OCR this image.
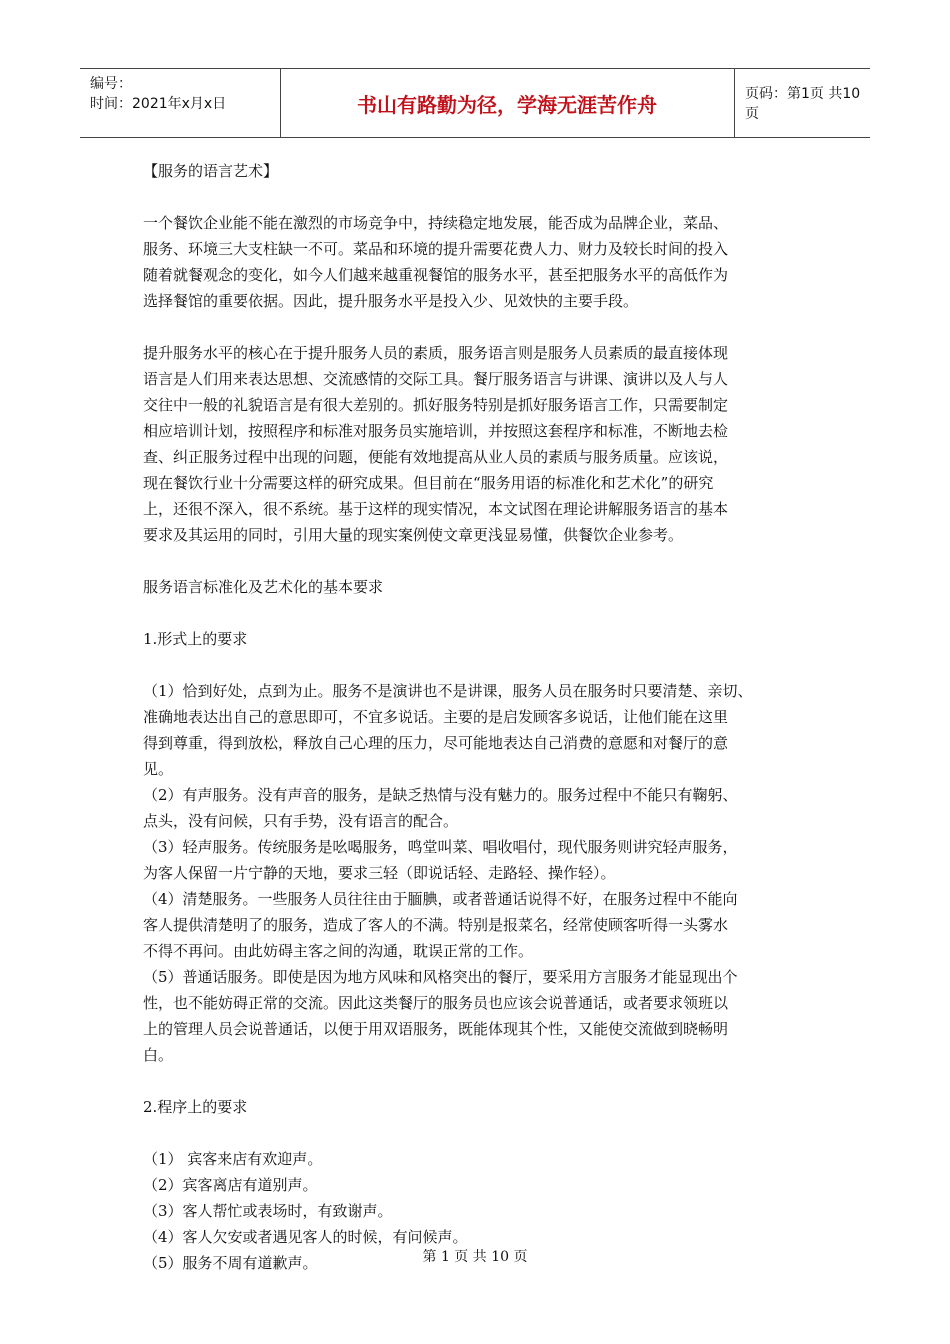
编号：
时间：2021年x月x日	书山有路勤为径，学海无涯苦作舟	页码：第1页 共10页

【服务的语言艺术】

一个餐饮企业能不能在激烈的市场竞争中，持续稳定地发展，能否成为品牌企业，菜品、

服务、环境三大支柱缺一不可。菜品和环境的提升需要花费人力、财力及较长时间的投入

随着就餐观念的变化，如今人们越来越重视餐馆的服务水平，甚至把服务水平的高低作为

选择餐馆的重要依据。因此，提升服务水平是投入少、见效快的主要手段。

提升服务水平的核心在于提升服务人员的素质，服务语言则是服务人员素质的最直接体现

语言是人们用来表达思想、交流感情的交际工具。餐厅服务语言与讲课、演讲以及人与人

交往中一般的礼貌语言是有很大差别的。抓好服务特别是抓好服务语言工作，只需要制定

相应培训计划，按照程序和标准对服务员实施培训，并按照这套程序和标准，不断地去检

查、纠正服务过程中出现的问题，便能有效地提高从业人员的素质与服务质量。应该说，

现在餐饮行业十分需要这样的研究成果。但目前在“服务用语的标准化和艺术化”的研究

上，还很不深入，很不系统。基于这样的现实情况，本文试图在理论讲解服务语言的基本

要求及其运用的同时，引用大量的现实案例使文章更浅显易懂，供餐饮企业参考。

服务语言标准化及艺术化的基本要求

1.形式上的要求

（1）恰到好处，点到为止。服务不是演讲也不是讲课，服务人员在服务时只要清楚、亲切、

准确地表达出自己的意思即可，不宜多说话。主要的是启发顾客多说话，让他们能在这里

得到尊重，得到放松，释放自己心理的压力，尽可能地表达自己消费的意愿和对餐厅的意

见。

（2）有声服务。没有声音的服务，是缺乏热情与没有魅力的。服务过程中不能只有鞠躬、

点头，没有问候，只有手势，没有语言的配合。

（3）轻声服务。传统服务是吆喝服务，鸣堂叫菜、唱收唱付，现代服务则讲究轻声服务，

为客人保留一片宁静的天地，要求三轻（即说话轻、走路轻、操作轻）。

（4）清楚服务。一些服务人员往往由于腼腆，或者普通话说得不好，在服务过程中不能向

客人提供清楚明了的服务，造成了客人的不满。特别是报菜名，经常使顾客听得一头雾水

不得不再问。由此妨碍主客之间的沟通，耽误正常的工作。

（5）普通话服务。即使是因为地方风味和风格突出的餐厅，要采用方言服务才能显现出个

性，也不能妨碍正常的交流。因此这类餐厅的服务员也应该会说普通话，或者要求领班以

上的管理人员会说普通话，以便于用双语服务，既能体现其个性，又能使交流做到晓畅明

白。

2.程序上的要求

（1） 宾客来店有欢迎声。

（2）宾客离店有道别声。

（3）客人帮忙或表场时，有致谢声。

（4）客人欠安或者遇见客人的时候，有问候声。

（5）服务不周有道歉声。	第 1 页 共 10 页
